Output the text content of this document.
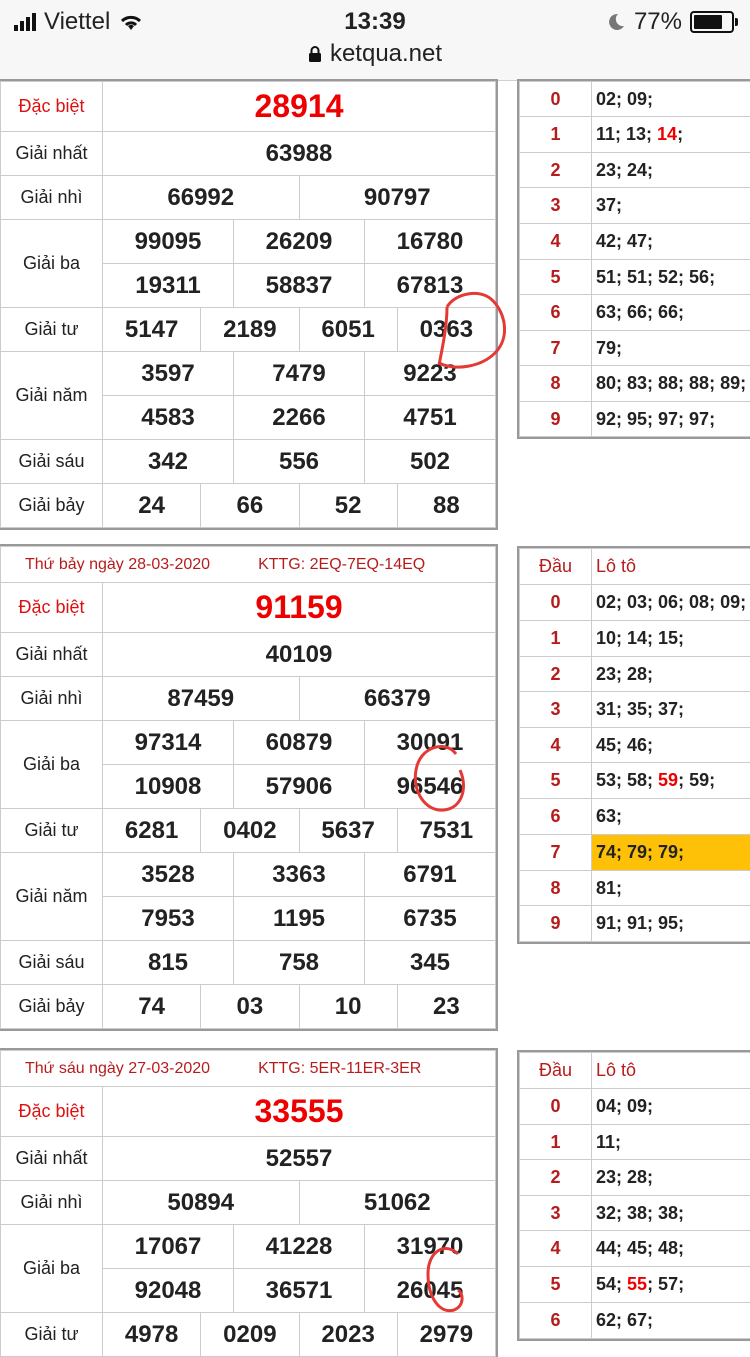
Viettel	13:39	77%
ketqua.net
Đặc biệt	28914					
Giải nhất	63988					
Giải nhì	66992			90797		
Giải ba	99095		26209		16780	
	19311		58837		67813	
Giải tư	5147	2189		6051		0363
Giải năm	3597		7479		9223	
	4583		2266		4751	
Giải sáu	342		556		502	
Giải bảy	24	66		52		88
0	02; 09;
1	11; 13; 14;
2	23; 24;
3	37;
4	42; 47;
5	51; 51; 52; 56;
6	63; 66; 66;
7	79;
8	80; 83; 88; 88; 89;
9	92; 95; 97; 97;
Thứ bảy ngày 28-03-2020 KTTG: 2EQ-7EQ-14EQ						
Đặc biệt	91159					
Giải nhất	40109					
Giải nhì	87459			66379		
Giải ba	97314		60879		30091	
	10908		57906		96546	
Giải tư	6281	0402		5637		7531
Giải năm	3528		3363		6791	
	7953		1195		6735	
Giải sáu	815		758		345	
Giải bảy	74	03		10		23
Đầu	Lô tô
0	02; 03; 06; 08; 09;
1	10; 14; 15;
2	23; 28;
3	31; 35; 37;
4	45; 46;
5	53; 58; 59; 59;
6	63;
7	74; 79; 79;
8	81;
9	91; 91; 95;
Thứ sáu ngày 27-03-2020 KTTG: 5ER-11ER-3ER						
Đặc biệt	33555					
Giải nhất	52557					
Giải nhì	50894			51062		
Giải ba	17067		41228		31970	
	92048		36571		26045	
Giải tư	4978	0209		2023		2979
Đầu	Lô tô
0	04; 09;
1	11;
2	23; 28;
3	32; 38; 38;
4	44; 45; 48;
5	54; 55; 57;
6	62; 67;
